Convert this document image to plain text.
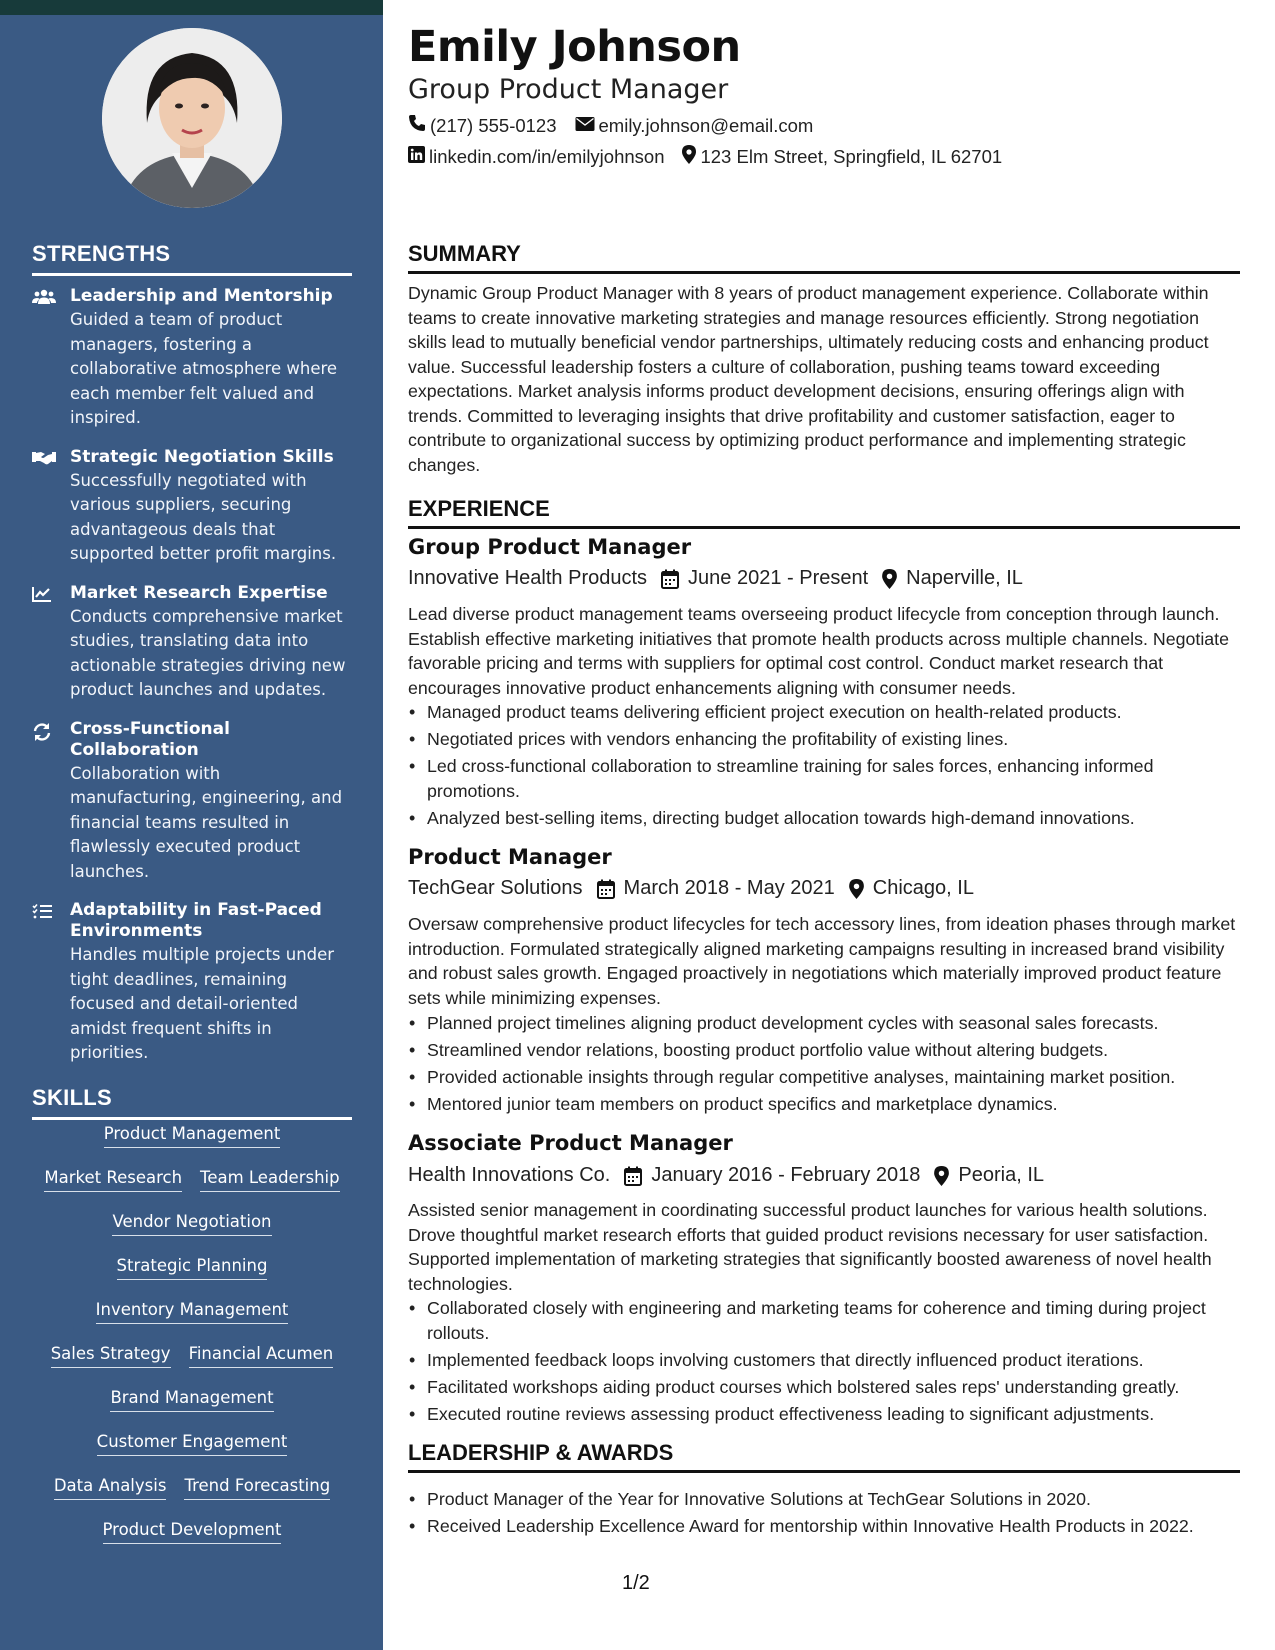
STRENGTHS
Leadership and Mentorship
Guided a team of product managers, fostering a collaborative atmosphere where each member felt valued and inspired.
Strategic Negotiation Skills
Successfully negotiated with various suppliers, securing advantageous deals that supported better profit margins.
Market Research Expertise
Conducts comprehensive market studies, translating data into actionable strategies driving new product launches and updates.
Cross-Functional Collaboration
Collaboration with manufacturing, engineering, and financial teams resulted in flawlessly executed product launches.
Adaptability in Fast-Paced Environments
Handles multiple projects under tight deadlines, remaining focused and detail-oriented amidst frequent shifts in priorities.
SKILLS
Product Management
Market Research Team Leadership
Vendor Negotiation
Strategic Planning
Inventory Management
Sales Strategy Financial Acumen
Brand Management
Customer Engagement
Data Analysis Trend Forecasting
Product Development
Emily Johnson
Group Product Manager
(217) 555-0123 emily.johnson@email.com
linkedin.com/in/emilyjohnson 123 Elm Street, Springfield, IL 62701
SUMMARY
Dynamic Group Product Manager with 8 years of product management experience. Collaborate within teams to create innovative marketing strategies and manage resources efficiently. Strong negotiation skills lead to mutually beneficial vendor partnerships, ultimately reducing costs and enhancing product value. Successful leadership fosters a culture of collaboration, pushing teams toward exceeding expectations. Market analysis informs product development decisions, ensuring offerings align with trends. Committed to leveraging insights that drive profitability and customer satisfaction, eager to contribute to organizational success by optimizing product performance and implementing strategic changes.
EXPERIENCE
Group Product Manager
Innovative Health Products June 2021 - Present Naperville, IL
Lead diverse product management teams overseeing product lifecycle from conception through launch. Establish effective marketing initiatives that promote health products across multiple channels. Negotiate favorable pricing and terms with suppliers for optimal cost control. Conduct market research that encourages innovative product enhancements aligning with consumer needs.
• Managed product teams delivering efficient project execution on health-related products.
• Negotiated prices with vendors enhancing the profitability of existing lines.
• Led cross-functional collaboration to streamline training for sales forces, enhancing informed promotions.
• Analyzed best-selling items, directing budget allocation towards high-demand innovations.
Product Manager
TechGear Solutions March 2018 - May 2021 Chicago, IL
Oversaw comprehensive product lifecycles for tech accessory lines, from ideation phases through market introduction. Formulated strategically aligned marketing campaigns resulting in increased brand visibility and robust sales growth. Engaged proactively in negotiations which materially improved product feature sets while minimizing expenses.
• Planned project timelines aligning product development cycles with seasonal sales forecasts.
• Streamlined vendor relations, boosting product portfolio value without altering budgets.
• Provided actionable insights through regular competitive analyses, maintaining market position.
• Mentored junior team members on product specifics and marketplace dynamics.
Associate Product Manager
Health Innovations Co. January 2016 - February 2018 Peoria, IL
Assisted senior management in coordinating successful product launches for various health solutions. Drove thoughtful market research efforts that guided product revisions necessary for user satisfaction. Supported implementation of marketing strategies that significantly boosted awareness of novel health technologies.
• Collaborated closely with engineering and marketing teams for coherence and timing during project rollouts.
• Implemented feedback loops involving customers that directly influenced product iterations.
• Facilitated workshops aiding product courses which bolstered sales reps' understanding greatly.
• Executed routine reviews assessing product effectiveness leading to significant adjustments.
LEADERSHIP & AWARDS
• Product Manager of the Year for Innovative Solutions at TechGear Solutions in 2020.
• Received Leadership Excellence Award for mentorship within Innovative Health Products in 2022.
1/2
